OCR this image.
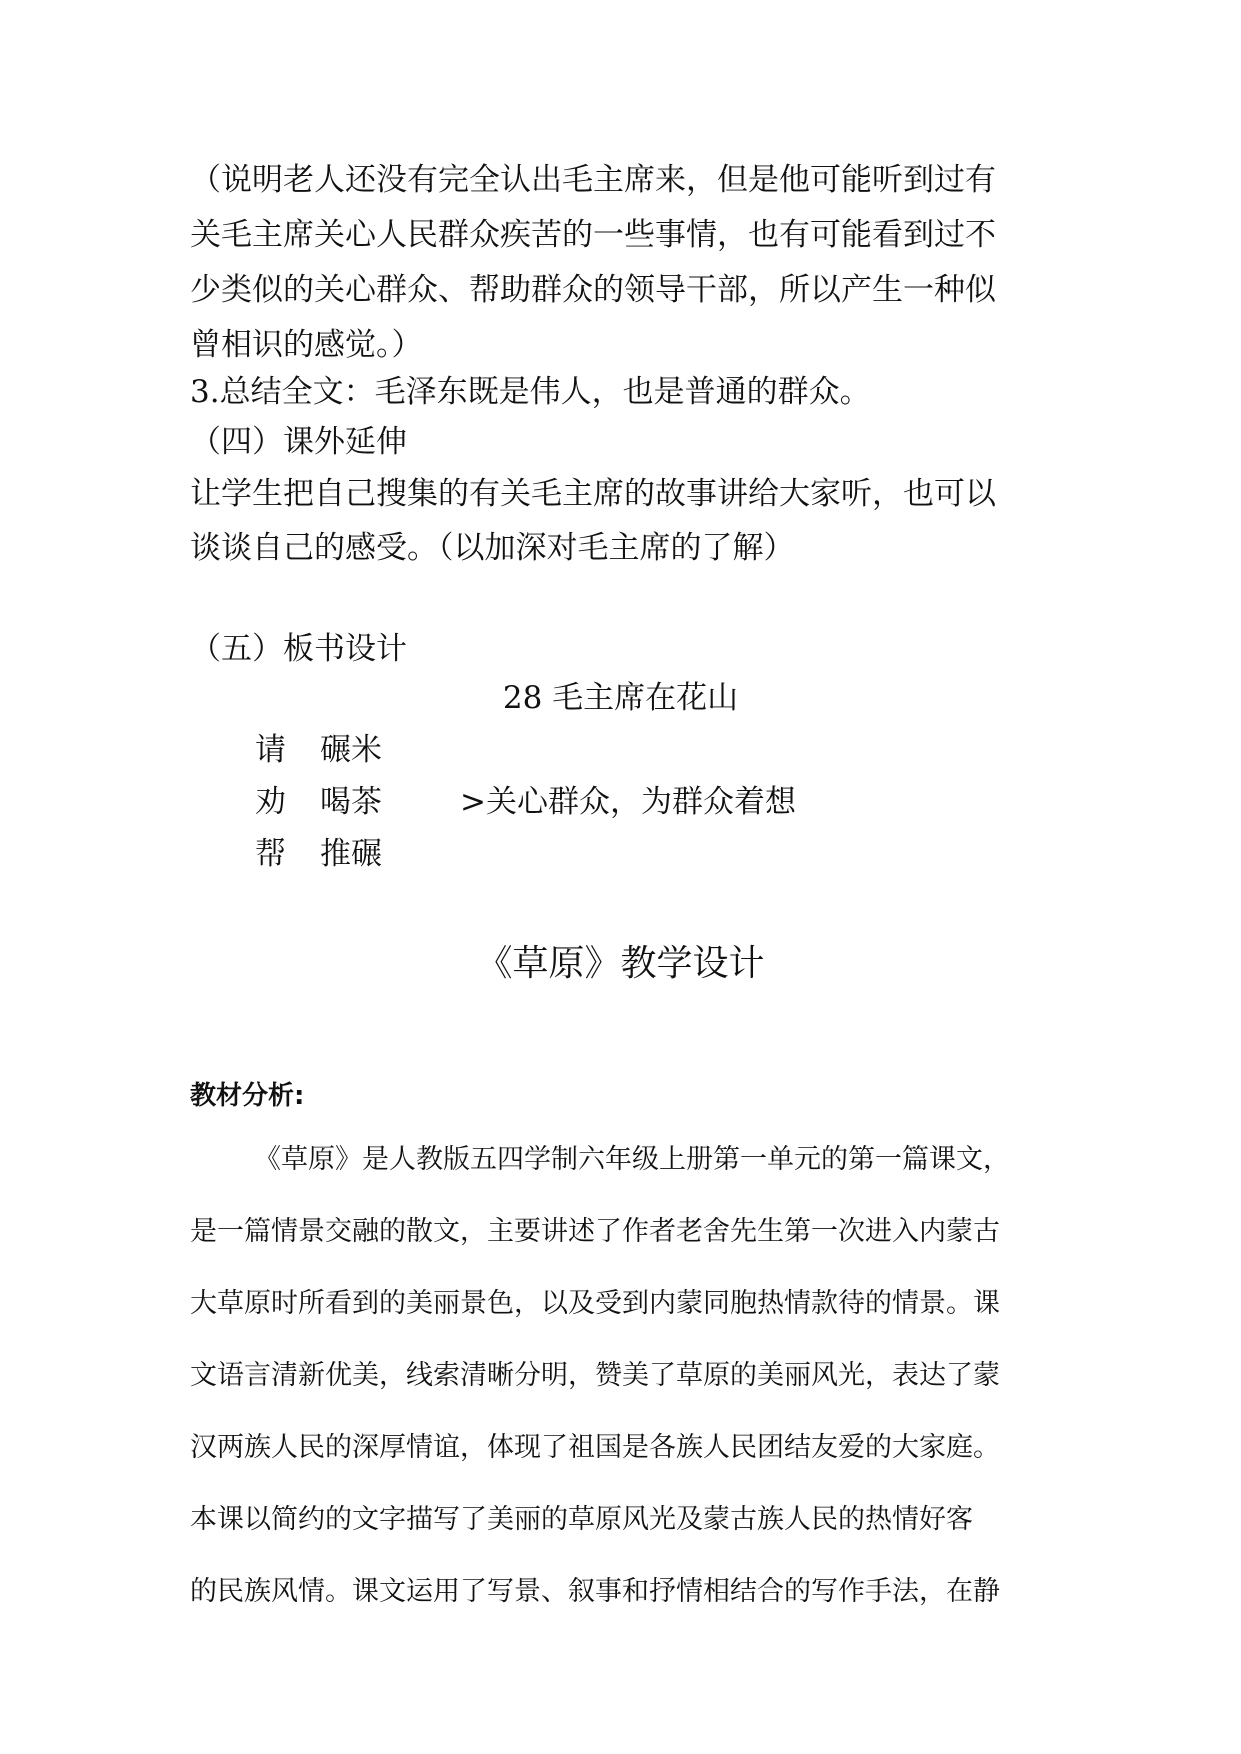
（说明老人还没有完全认出毛主席来，但是他可能听到过有
关毛主席关心人民群众疾苦的一些事情，也有可能看到过不
少类似的关心群众、帮助群众的领导干部，所以产生一种似
曾相识的感觉。）
3.总结全文：毛泽东既是伟人，也是普通的群众。
（四）课外延伸
让学生把自己搜集的有关毛主席的故事讲给大家听，也可以
谈谈自己的感受。（以加深对毛主席的了解）
（五）板书设计
28 毛主席在花山
请 碾米
劝 喝茶	>关心群众，为群众着想
帮 推碾
《草原》教学设计
教材分析:
《草原》是人教版五四学制六年级上册第一单元的第一篇课文，
是一篇情景交融的散文，主要讲述了作者老舍先生第一次进入内蒙古
大草原时所看到的美丽景色，以及受到内蒙同胞热情款待的情景。课
文语言清新优美，线索清晰分明，赞美了草原的美丽风光，表达了蒙
汉两族人民的深厚情谊，体现了祖国是各族人民团结友爱的大家庭。
本课以简约的文字描写了美丽的草原风光及蒙古族人民的热情好客
的民族风情。课文运用了写景、叙事和抒情相结合的写作手法，在静
